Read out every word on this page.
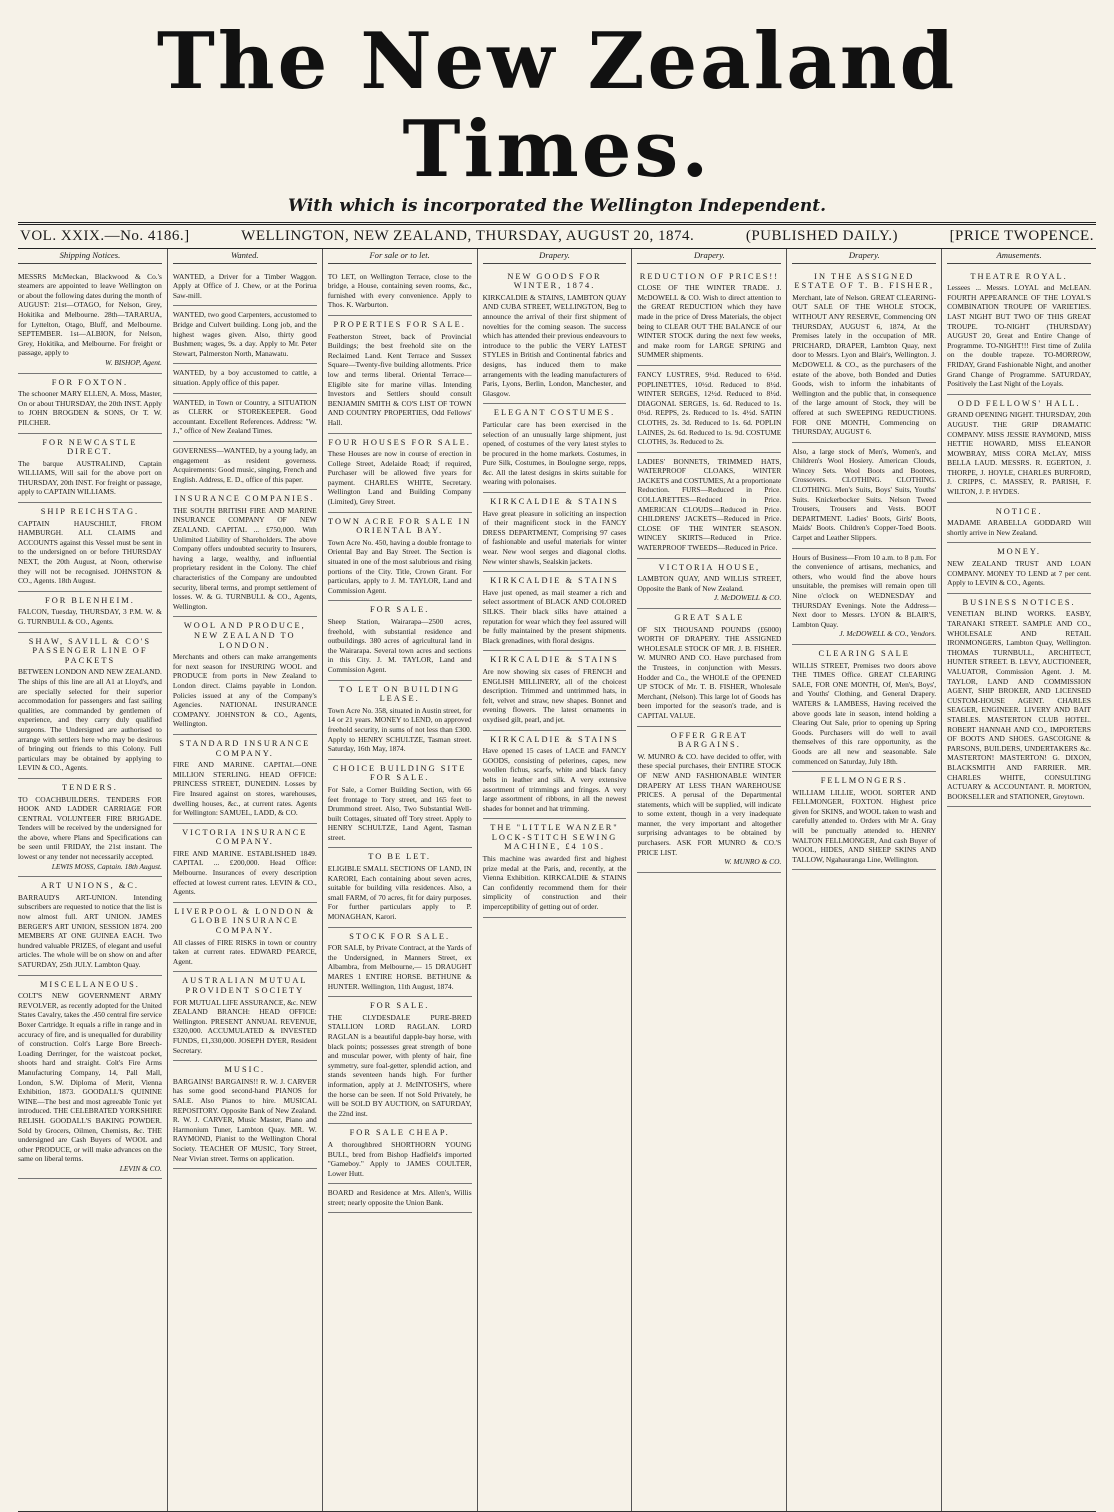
The New Zealand Times.
With which is incorporated the Wellington Independent.
VOL. XXIX.—No. 4186.]	WELLINGTON, NEW ZEALAND, THURSDAY, AUGUST 20, 1874.	(PUBLISHED DAILY.)	[PRICE TWOPENCE.
Shipping Notices.
MESSRS McMeckan, Blackwood & Co.'s steamers are appointed to leave Wellington on or about the following dates during the month of AUGUST: 21st—OTAGO, for Nelson, Grey, Hokitika and Melbourne. 28th—TARARUA, for Lyttelton, Otago, Bluff, and Melbourne. SEPTEMBER. 1st—ALBION, for Nelson, Grey, Hokitika, and Melbourne. For freight or passage, apply to
W. BISHOP, Agent.
FOR FOXTON.
The schooner MARY ELLEN, A. Moss, Master, On or about THURSDAY, the 20th INST. Apply to JOHN BROGDEN & SONS, Or T. W. PILCHER.
FOR NEWCASTLE DIRECT.
The barque AUSTRALIND, Captain WILLIAMS, Will sail for the above port on THURSDAY, 20th INST. For freight or passage, apply to CAPTAIN WILLIAMS.
SHIP REICHSTAG.
CAPTAIN HAUSCHILT, FROM HAMBURGH. ALL CLAIMS and ACCOUNTS against this Vessel must be sent in to the undersigned on or before THURSDAY NEXT, the 20th August, at Noon, otherwise they will not be recognised. JOHNSTON & CO., Agents. 18th August.
FOR BLENHEIM.
FALCON, Tuesday, THURSDAY, 3 P.M. W. & G. TURNBULL & CO., Agents.
SHAW, SAVILL & CO'S PASSENGER LINE OF PACKETS
BETWEEN LONDON AND NEW ZEALAND. The ships of this line are all A1 at Lloyd's, and are specially selected for their superior accommodation for passengers and fast sailing qualities, are commanded by gentlemen of experience, and they carry duly qualified surgeons. The Undersigned are authorised to arrange with settlers here who may be desirous of bringing out friends to this Colony. Full particulars may be obtained by applying to LEVIN & CO., Agents.
TENDERS.
TO COACHBUILDERS. TENDERS FOR HOOK AND LADDER CARRIAGE FOR CENTRAL VOLUNTEER FIRE BRIGADE. Tenders will be received by the undersigned for the above, where Plans and Specifications can be seen until FRIDAY, the 21st instant. The lowest or any tender not necessarily accepted.
LEWIS MOSS, Captain. 18th August.
ART UNIONS, &C.
BARRAUD'S ART-UNION. Intending subscribers are requested to notice that the list is now almost full. ART UNION. JAMES BERGER'S ART UNION, SESSION 1874. 200 MEMBERS AT ONE GUINEA EACH. Two hundred valuable PRIZES, of elegant and useful articles. The whole will be on show on and after SATURDAY, 25th JULY. Lambton Quay.
MISCELLANEOUS.
COLT'S NEW GOVERNMENT ARMY REVOLVER, as recently adopted for the United States Cavalry, takes the .450 central fire service Boxer Cartridge. It equals a rifle in range and in accuracy of fire, and is unequalled for durability of construction. Colt's Large Bore Breech-Loading Derringer, for the waistcoat pocket, shoots hard and straight. Colt's Fire Arms Manufacturing Company, 14, Pall Mall, London, S.W. Diploma of Merit, Vienna Exhibition, 1873. GOODALL'S QUININE WINE—The best and most agreeable Tonic yet introduced. THE CELEBRATED YORKSHIRE RELISH. GOODALL'S BAKING POWDER. Sold by Grocers, Oilmen, Chemists, &c. THE undersigned are Cash Buyers of WOOL and other PRODUCE, or will make advances on the same on liberal terms.
LEVIN & CO.
Wanted.
WANTED, a Driver for a Timber Waggon. Apply at Office of J. Chew, or at the Porirua Saw-mill.
WANTED, two good Carpenters, accustomed to Bridge and Culvert building. Long job, and the highest wages given. Also, thirty good Bushmen; wages, 9s. a day. Apply to Mr. Peter Stewart, Palmerston North, Manawatu.
WANTED, by a boy accustomed to cattle, a situation. Apply office of this paper.
WANTED, in Town or Country, a SITUATION as CLERK or STOREKEEPER. Good accountant. Excellent References. Address: "W. J.," office of New Zealand Times.
GOVERNESS—WANTED, by a young lady, an engagement as resident governess. Acquirements: Good music, singing, French and English. Address, E. D., office of this paper.
INSURANCE COMPANIES.
THE SOUTH BRITISH FIRE AND MARINE INSURANCE COMPANY OF NEW ZEALAND. CAPITAL ... £750,000. With Unlimited Liability of Shareholders. The above Company offers undoubted security to Insurers, having a large, wealthy, and influential proprietary resident in the Colony. The chief characteristics of the Company are undoubted security, liberal terms, and prompt settlement of losses. W. & G. TURNBULL & CO., Agents, Wellington.
WOOL AND PRODUCE, NEW ZEALAND TO LONDON.
Merchants and others can make arrangements for next season for INSURING WOOL and PRODUCE from ports in New Zealand to London direct. Claims payable in London. Policies issued at any of the Company's Agencies. NATIONAL INSURANCE COMPANY. JOHNSTON & CO., Agents, Wellington.
STANDARD INSURANCE COMPANY.
FIRE AND MARINE. CAPITAL—ONE MILLION STERLING. HEAD OFFICE: PRINCESS STREET, DUNEDIN. Losses by Fire Insured against on stores, warehouses, dwelling houses, &c., at current rates. Agents for Wellington: SAMUEL, LADD, & CO.
VICTORIA INSURANCE COMPANY.
FIRE AND MARINE. ESTABLISHED 1849. CAPITAL ... £200,000. Head Office: Melbourne. Insurances of every description effected at lowest current rates. LEVIN & CO., Agents.
LIVERPOOL & LONDON & GLOBE INSURANCE COMPANY.
All classes of FIRE RISKS in town or country taken at current rates. EDWARD PEARCE, Agent.
AUSTRALIAN MUTUAL PROVIDENT SOCIETY
FOR MUTUAL LIFE ASSURANCE, &c. NEW ZEALAND BRANCH: HEAD OFFICE: Wellington. PRESENT ANNUAL REVENUE, £320,000. ACCUMULATED & INVESTED FUNDS, £1,330,000. JOSEPH DYER, Resident Secretary.
MUSIC.
BARGAINS! BARGAINS!! R. W. J. CARVER has some good second-hand PIANOS for SALE. Also Pianos to hire. MUSICAL REPOSITORY. Opposite Bank of New Zealand. R. W. J. CARVER, Music Master, Piano and Harmonium Tuner, Lambton Quay. MR. W. RAYMOND, Pianist to the Wellington Choral Society. TEACHER OF MUSIC, Tory Street, Near Vivian street. Terms on application.
For sale or to let.
TO LET, on Wellington Terrace, close to the bridge, a House, containing seven rooms, &c., furnished with every convenience. Apply to Thos. K. Warburton.
PROPERTIES FOR SALE.
Featherston Street, back of Provincial Buildings; the best freehold site on the Reclaimed Land. Kent Terrace and Sussex Square—Twenty-five building allotments. Price low and terms liberal. Oriental Terrace—Eligible site for marine villas. Intending Investors and Settlers should consult BENJAMIN SMITH & CO'S LIST OF TOWN AND COUNTRY PROPERTIES, Odd Fellows' Hall.
FOUR HOUSES FOR SALE.
These Houses are now in course of erection in College Street, Adelaide Road; if required, Purchaser will be allowed five years for payment. CHARLES WHITE, Secretary. Wellington Land and Building Company (Limited), Grey Street.
TOWN ACRE FOR SALE IN ORIENTAL BAY.
Town Acre No. 450, having a double frontage to Oriental Bay and Bay Street. The Section is situated in one of the most salubrious and rising portions of the City. Title, Crown Grant. For particulars, apply to J. M. TAYLOR, Land and Commission Agent.
FOR SALE.
Sheep Station, Wairarapa—2500 acres, freehold, with substantial residence and outbuildings. 380 acres of agricultural land in the Wairarapa. Several town acres and sections in this City. J. M. TAYLOR, Land and Commission Agent.
TO LET ON BUILDING LEASE.
Town Acre No. 358, situated in Austin street, for 14 or 21 years. MONEY to LEND, on approved freehold security, in sums of not less than £300. Apply to HENRY SCHULTZE, Tasman street. Saturday, 16th May, 1874.
CHOICE BUILDING SITE FOR SALE.
For Sale, a Corner Building Section, with 66 feet frontage to Tory street, and 165 feet to Drummond street. Also, Two Substantial Well-built Cottages, situated off Tory street. Apply to HENRY SCHULTZE, Land Agent, Tasman street.
TO BE LET.
ELIGIBLE SMALL SECTIONS OF LAND, IN KARORI, Each containing about seven acres, suitable for building villa residences. Also, a small FARM, of 70 acres, fit for dairy purposes. For further particulars apply to P. MONAGHAN, Karori.
STOCK FOR SALE.
FOR SALE, by Private Contract, at the Yards of the Undersigned, in Manners Street, ex Albambra, from Melbourne,— 15 DRAUGHT MARES 1 ENTIRE HORSE. BETHUNE & HUNTER. Wellington, 11th August, 1874.
FOR SALE.
THE CLYDESDALE PURE-BRED STALLION LORD RAGLAN. LORD RAGLAN is a beautiful dapple-bay horse, with black points; possesses great strength of bone and muscular power, with plenty of hair, fine symmetry, sure foal-getter, splendid action, and stands seventeen hands high. For further information, apply at J. McINTOSH'S, where the horse can be seen. If not Sold Privately, he will be SOLD BY AUCTION, on SATURDAY, the 22nd inst.
FOR SALE CHEAP.
A thoroughbred SHORTHORN YOUNG BULL, bred from Bishop Hadfield's imported "Gameboy." Apply to JAMES COULTER, Lower Hutt.
BOARD and Residence at Mrs. Allen's, Willis street; nearly opposite the Union Bank.
Drapery.
NEW GOODS FOR WINTER, 1874.
KIRKCALDIE & STAINS, LAMBTON QUAY AND CUBA STREET, WELLINGTON, Beg to announce the arrival of their first shipment of novelties for the coming season. The success which has attended their previous endeavours to introduce to the public the VERY LATEST STYLES in British and Continental fabrics and designs, has induced them to make arrangements with the leading manufacturers of Paris, Lyons, Berlin, London, Manchester, and Glasgow.
ELEGANT COSTUMES.
Particular care has been exercised in the selection of an unusually large shipment, just opened, of costumes of the very latest styles to be procured in the home markets. Costumes, in Pure Silk, Costumes, in Boulogne serge, repps, &c. All the latest designs in skirts suitable for wearing with polonaises.
KIRKCALDIE & STAINS
Have great pleasure in soliciting an inspection of their magnificent stock in the FANCY DRESS DEPARTMENT, Comprising 97 cases of fashionable and useful materials for winter wear. New wool serges and diagonal cloths. New winter shawls, Sealskin jackets.
KIRKCALDIE & STAINS
Have just opened, as mail steamer a rich and select assortment of BLACK AND COLORED SILKS. Their black silks have attained a reputation for wear which they feel assured will be fully maintained by the present shipments. Black grenadines, with floral designs.
KIRKCALDIE & STAINS
Are now showing six cases of FRENCH and ENGLISH MILLINERY, all of the choicest description. Trimmed and untrimmed hats, in felt, velvet and straw, new shapes. Bonnet and evening flowers. The latest ornaments in oxydised gilt, pearl, and jet.
KIRKCALDIE & STAINS
Have opened 15 cases of LACE and FANCY GOODS, consisting of pelerines, capes, new woollen fichus, scarfs, white and black fancy belts in leather and silk. A very extensive assortment of trimmings and fringes. A very large assortment of ribbons, in all the newest shades for bonnet and hat trimming.
THE "LITTLE WANZER" LOCK-STITCH SEWING MACHINE, £4 10S.
This machine was awarded first and highest prize medal at the Paris, and, recently, at the Vienna Exhibition. KIRKCALDIE & STAINS Can confidently recommend them for their simplicity of construction and their imperceptibility of getting out of order.
Drapery.
REDUCTION OF PRICES!!
CLOSE OF THE WINTER TRADE. J. McDOWELL & CO. Wish to direct attention to the GREAT REDUCTION which they have made in the price of Dress Materials, the object being to CLEAR OUT THE BALANCE of our WINTER STOCK during the next few weeks, and make room for LARGE SPRING and SUMMER shipments.
FANCY LUSTRES, 9½d. Reduced to 6½d. POPLINETTES, 10½d. Reduced to 8½d. WINTER SERGES, 12½d. Reduced to 8½d. DIAGONAL SERGES, 1s. 6d. Reduced to 1s. 0½d. REPPS, 2s. Reduced to 1s. 4½d. SATIN CLOTHS, 2s. 3d. Reduced to 1s. 6d. POPLIN LAINES, 2s. 6d. Reduced to 1s. 9d. COSTUME CLOTHS, 3s. Reduced to 2s.
LADIES' BONNETS, TRIMMED HATS, WATERPROOF CLOAKS, WINTER JACKETS and COSTUMES, At a proportionate Reduction. FURS—Reduced in Price. COLLARETTES—Reduced in Price. AMERICAN CLOUDS—Reduced in Price. CHILDRENS' JACKETS—Reduced in Price. CLOSE OF THE WINTER SEASON. WINCEY SKIRTS—Reduced in Price. WATERPROOF TWEEDS—Reduced in Price.
VICTORIA HOUSE,
LAMBTON QUAY, AND WILLIS STREET, Opposite the Bank of New Zealand.
J. McDOWELL & CO.
GREAT SALE
OF SIX THOUSAND POUNDS (£6000) WORTH OF DRAPERY. THE ASSIGNED WHOLESALE STOCK OF MR. J. B. FISHER. W. MUNRO AND CO. Have purchased from the Trustees, in conjunction with Messrs. Hodder and Co., the WHOLE of the OPENED UP STOCK of Mr. T. B. FISHER, Wholesale Merchant, (Nelson). This large lot of Goods has been imported for the season's trade, and is CAPITAL VALUE.
OFFER GREAT BARGAINS.
W. MUNRO & CO. have decided to offer, with these special purchases, their ENTIRE STOCK OF NEW AND FASHIONABLE WINTER DRAPERY AT LESS THAN WAREHOUSE PRICES. A perusal of the Departmental statements, which will be supplied, will indicate to some extent, though in a very inadequate manner, the very important and altogether surprising advantages to be obtained by purchasers. ASK FOR MUNRO & CO.'S PRICE LIST.
W. MUNRO & CO.
Drapery.
IN THE ASSIGNED ESTATE OF T. B. FISHER,
Merchant, late of Nelson. GREAT CLEARING-OUT SALE OF THE WHOLE STOCK, WITHOUT ANY RESERVE, Commencing ON THURSDAY, AUGUST 6, 1874, At the Premises lately in the occupation of MR. PRICHARD, DRAPER, Lambton Quay, next door to Messrs. Lyon and Blair's, Wellington. J. McDOWELL & CO., as the purchasers of the estate of the above, both Bonded and Duties Goods, wish to inform the inhabitants of Wellington and the public that, in consequence of the large amount of Stock, they will be offered at such SWEEPING REDUCTIONS. FOR ONE MONTH, Commencing on THURSDAY, AUGUST 6.
Also, a large stock of Men's, Women's, and Children's Wool Hosiery. American Clouds, Wincey Sets. Wool Boots and Bootees, Crossovers. CLOTHING. CLOTHING. CLOTHING. Men's Suits, Boys' Suits, Youths' Suits. Knickerbocker Suits. Nelson Tweed Trousers, Trousers and Vests. BOOT DEPARTMENT. Ladies' Boots, Girls' Boots, Maids' Boots. Children's Copper-Toed Boots. Carpet and Leather Slippers.
Hours of Business—From 10 a.m. to 8 p.m. For the convenience of artisans, mechanics, and others, who would find the above hours unsuitable, the premises will remain open till Nine o'clock on WEDNESDAY and THURSDAY Evenings. Note the Address—Next door to Messrs. LYON & BLAIR'S, Lambton Quay.
J. McDOWELL & CO., Vendors.
CLEARING SALE
WILLIS STREET, Premises two doors above THE TIMES Office. GREAT CLEARING SALE, FOR ONE MONTH, Of, Men's, Boys', and Youths' Clothing, and General Drapery. WATERS & LAMBESS, Having received the above goods late in season, intend holding a Clearing Out Sale, prior to opening up Spring Goods. Purchasers will do well to avail themselves of this rare opportunity, as the Goods are all new and seasonable. Sale commenced on Saturday, July 18th.
FELLMONGERS.
WILLIAM LILLIE, WOOL SORTER AND FELLMONGER, FOXTON. Highest price given for SKINS, and WOOL taken to wash and carefully attended to. Orders with Mr A. Gray will be punctually attended to. HENRY WALTON FELLMONGER, And cash Buyer of WOOL, HIDES, AND SHEEP SKINS AND TALLOW, Ngahauranga Line, Wellington.
Amusements.
THEATRE ROYAL.
Lessees ... Messrs. LOYAL and McLEAN. FOURTH APPEARANCE OF THE LOYAL'S COMBINATION TROUPE OF VARIETIES. LAST NIGHT BUT TWO OF THIS GREAT TROUPE. TO-NIGHT (THURSDAY) AUGUST 20, Great and Entire Change of Programme. TO-NIGHT!!! First time of Zulila on the double trapeze. TO-MORROW, FRIDAY, Grand Fashionable Night, and another Grand Change of Programme. SATURDAY, Positively the Last Night of the Loyals.
ODD FELLOWS' HALL.
GRAND OPENING NIGHT. THURSDAY, 20th AUGUST. THE GRIP DRAMATIC COMPANY. MISS JESSIE RAYMOND, MISS HETTIE HOWARD, MISS ELEANOR MOWBRAY, MISS CORA McLAY, MISS BELLA LAUD. MESSRS. R. EGERTON, J. THORPE, J. HOYLE, CHARLES BURFORD, J. CRIPPS, C. MASSEY, R. PARISH, F. WILTON, J. P. HYDES.
NOTICE.
MADAME ARABELLA GODDARD Will shortly arrive in New Zealand.
MONEY.
NEW ZEALAND TRUST AND LOAN COMPANY. MONEY TO LEND at 7 per cent. Apply to LEVIN & CO., Agents.
BUSINESS NOTICES.
VENETIAN BLIND WORKS. EASBY, TARANAKI STREET. SAMPLE AND CO., WHOLESALE AND RETAIL IRONMONGERS, Lambton Quay, Wellington. THOMAS TURNBULL, ARCHITECT, HUNTER STREET. B. LEVY, AUCTIONEER, VALUATOR, Commission Agent. J. M. TAYLOR, LAND AND COMMISSION AGENT, SHIP BROKER, AND LICENSED CUSTOM-HOUSE AGENT. CHARLES SEAGER, ENGINEER. LIVERY AND BAIT STABLES. MASTERTON CLUB HOTEL. ROBERT HANNAH AND CO., IMPORTERS OF BOOTS AND SHOES. GASCOIGNE & PARSONS, BUILDERS, UNDERTAKERS &c. MASTERTON! MASTERTON! G. DIXON, BLACKSMITH AND FARRIER. MR. CHARLES WHITE, CONSULTING ACTUARY & ACCOUNTANT. R. MORTON, BOOKSELLER and STATIONER, Greytown.
